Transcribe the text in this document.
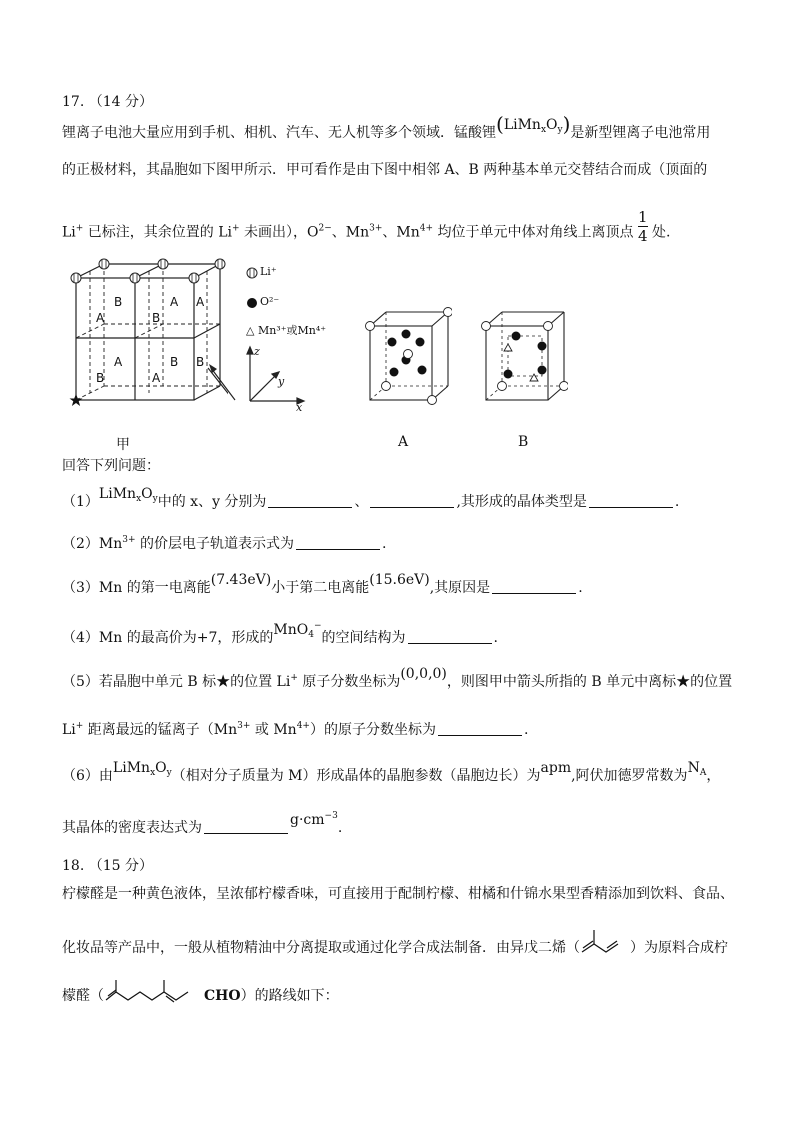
17. （14 分）
锂离子电池大量应用到手机、相机、汽车、无人机等多个领域．锰酸锂$(LiMn_xO_y)$是新型锂离子电池常用
的正极材料，其晶胞如下图甲所示．甲可看作是由下图中相邻 A、B 两种基本单元交替结合而成（顶面的
Li+ 已标注，其余位置的 Li+ 未画出），$O^{2-}$、$Mn^{3+}$、$Mn^{4+}$ 均位于单元中体对角线上离顶点 $\frac{1}{4}$ 处.
B
A
A
B
A
A
B
B
A
B
Li⁺
O²⁻
△ Mn³⁺或Mn⁴⁺
z
y
x
甲	A	B
回答下列问题：
$(1)LiMn_xO_y$中的 x、y 分别为	、	,其形成的晶体类型是	.
$(2)Mn^{3+}$ 的价层电子轨道表示式为	.
（3）Mn 的第一电离能(7.43eV)小于第二电离能(15.6eV),其原因是	.
（4）Mn 的最高价为+7，形成的MnO$_4$−的空间结构为	.
（5）若晶胞中单元 B 标★的位置 Li+ 原子分数坐标为(0,0,0)，则图甲中箭头所指的 B 单元中离标★的位置
Li+ 距离最远的锰离子（$Mn^{3+}$ 或 $Mn^{4+}$）的原子分数坐标为	.
（6）由$LiMn_xO_y$（相对分子质量为 M）形成晶体的晶胞参数（晶胞边长）为apm,阿伏加德罗常数为$N_A$，
其晶体的密度表达式为	$g\cdot cm^{-3}$.
18. （15 分）
柠檬醛是一种黄色液体，呈浓郁柠檬香味，可直接用于配制柠檬、柑橘和什锦水果型香精添加到饮料、食品、
化妆品等产品中，一般从植物精油中分离提取或通过化学合成法制备．由异戊二烯（	）为原料合成柠
檬醛（	CHO）的路线如下：
